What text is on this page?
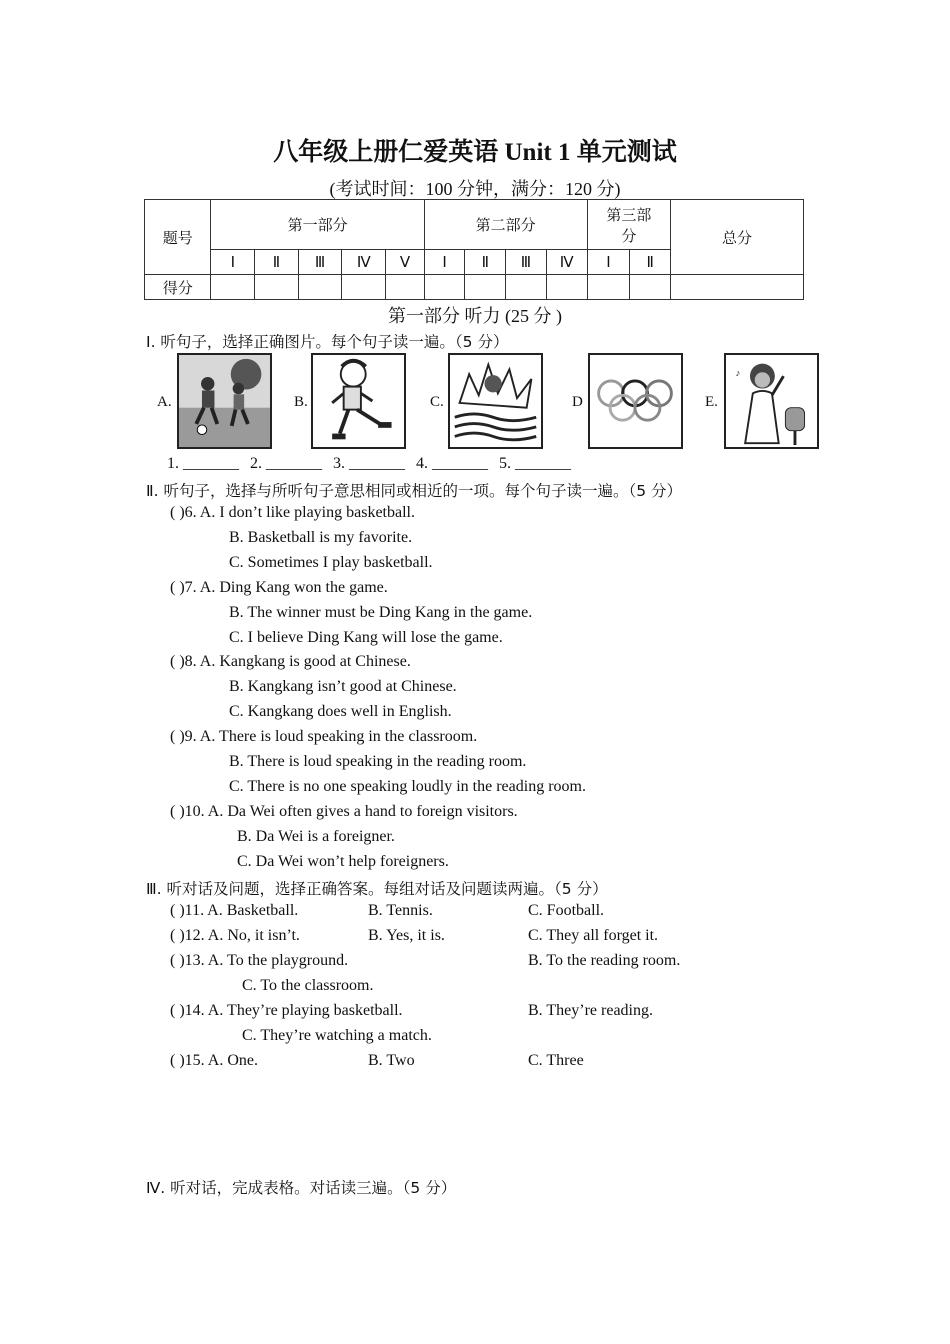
八年级上册仁爱英语 Unit 1 单元测试
(考试时间：100 分钟，满分：120 分)
题号	第一部分					第二部分				第三部分		总分
	Ⅰ	Ⅱ	Ⅲ	Ⅳ	Ⅴ	Ⅰ	Ⅱ	Ⅲ	Ⅳ	Ⅰ	Ⅱ	
得分												
第一部分 听力 (25 分 )
Ⅰ. 听句子，选择正确图片。每个句子读一遍。（5 分）
A.	B.	C.	D	E.
♪
1. _______ 2. _______ 3. _______ 4. _______ 5. _______
Ⅱ. 听句子，选择与所听句子意思相同或相近的一项。每个句子读一遍。（5 分）
( )6. A. I don’t like playing basketball.
B. Basketball is my favorite.
C. Sometimes I play basketball.
( )7. A. Ding Kang won the game.
B. The winner must be Ding Kang in the game.
C. I believe Ding Kang will lose the game.
( )8. A. Kangkang is good at Chinese.
B. Kangkang isn’t good at Chinese.
C. Kangkang does well in English.
( )9. A. There is loud speaking in the classroom.
B. There is loud speaking in the reading room.
C. There is no one speaking loudly in the reading room.
( )10. A. Da Wei often gives a hand to foreign visitors.
B. Da Wei is a foreigner.
C. Da Wei won’t help foreigners.
Ⅲ. 听对话及问题，选择正确答案。每组对话及问题读两遍。（5 分）
( )11. A. Basketball.	B. Tennis.	C. Football.
( )12. A. No, it isn’t.	B. Yes, it is.	C. They all forget it.
( )13. A. To the playground.	B. To the reading room.
C. To the classroom.
( )14. A. They’re playing basketball.	B. They’re reading.
C. They’re watching a match.
( )15. A. One.	B. Two	C. Three
Ⅳ. 听对话，完成表格。对话读三遍。（5 分）
